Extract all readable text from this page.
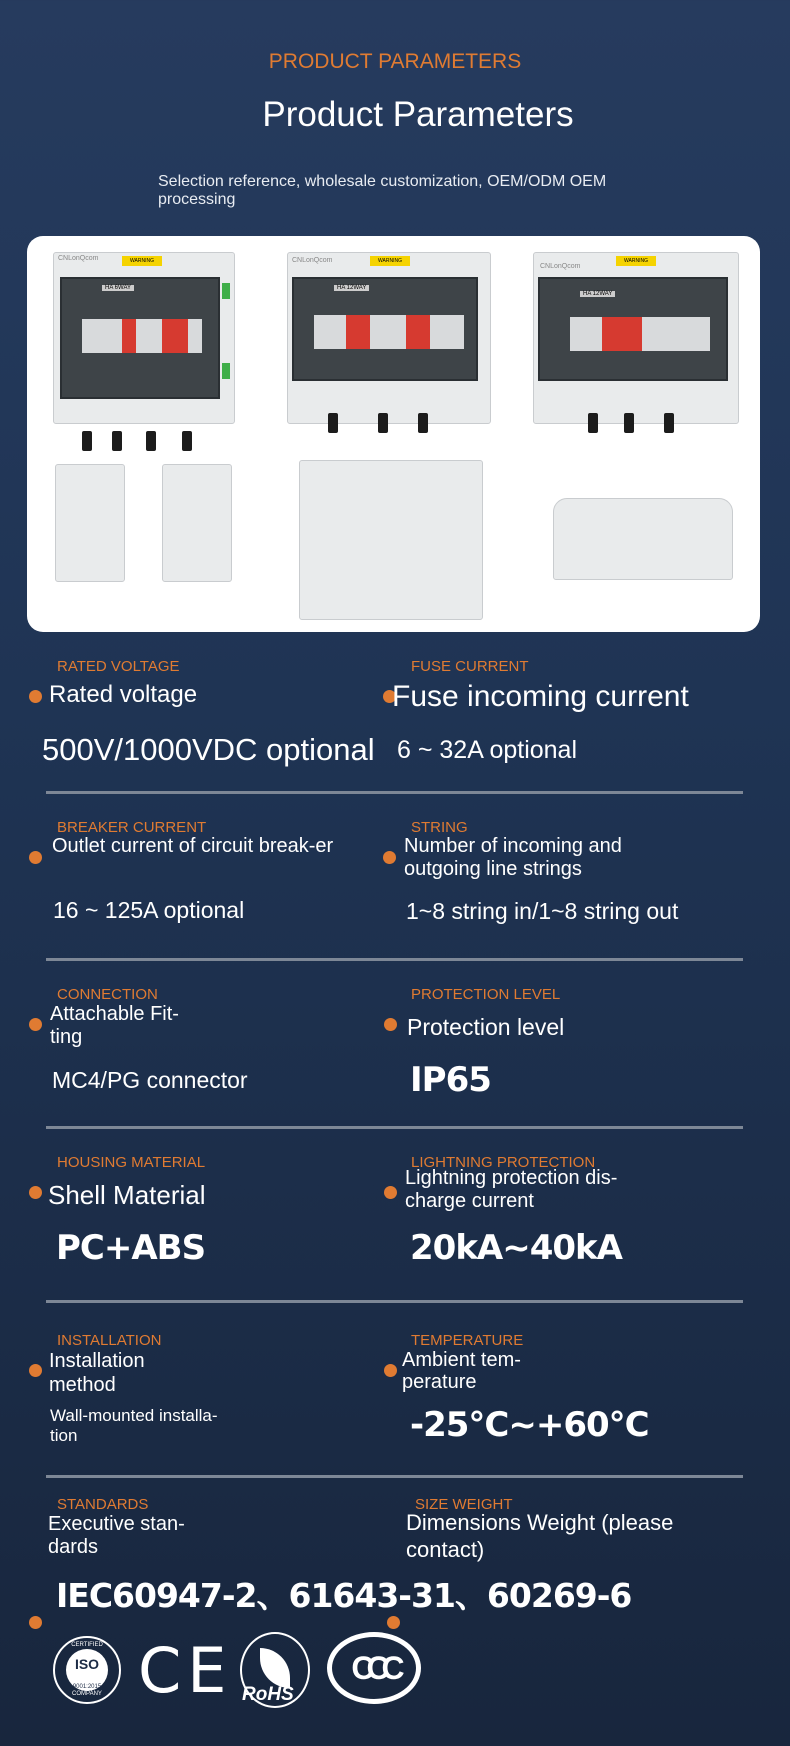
PRODUCT PARAMETERS
Product Parameters
Selection reference, wholesale customization, OEM/ODM OEM processing
CNLonQcom	WARNING
HA 6WAY
CNLonQcom	WARNING
HA 12WAY
CNLonQcom
WARNING
HA 12WAY
RATED VOLTAGE
Rated voltage
500V/1000VDC optional
FUSE CURRENT
Fuse incoming current
6 ~ 32A optional
BREAKER CURRENT
Outlet current of circuit break-er
16 ~ 125A optional
STRING
Number of incoming and outgoing line strings
1~8 string in/1~8 string out
CONNECTION
Attachable Fit-ting
MC4/PG connector
PROTECTION LEVEL
Protection level
IP65
HOUSING MATERIAL
Shell Material
PC+ABS
LIGHTNING PROTECTION
Lightning protection dis-charge current
20kA~40kA
INSTALLATION
Installation method
Wall-mounted installa-tion
TEMPERATURE
Ambient tem-perature
-25°C~+60°C
STANDARDS
Executive stan-dards
IEC60947-2、61643-31、60269-6
SIZE WEIGHT
Dimensions Weight (please contact)
CERTIFIED
ISO
9001:2015
COMPANY CE RoHS
CCC
